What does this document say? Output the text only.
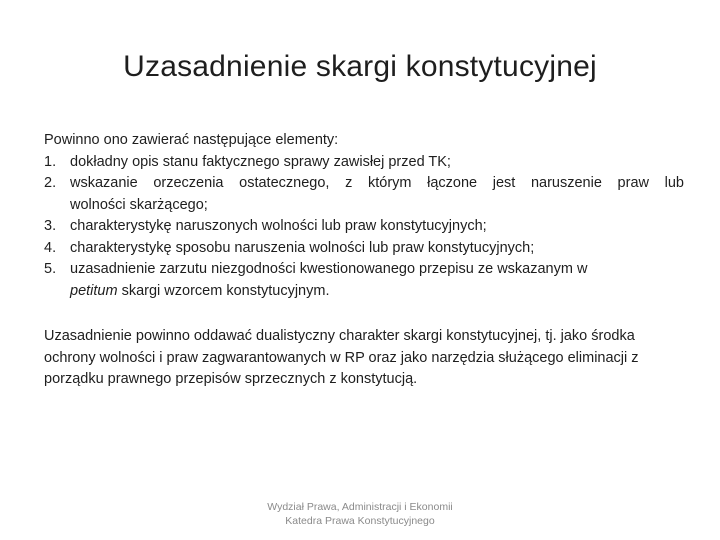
Uzasadnienie skargi konstytucyjnej

Powinno ono zawierać następujące elementy:

1. dokładny opis stanu faktycznego sprawy zawisłej przed TK;
2. wskazanie orzeczenia ostatecznego, z którym łączone jest naruszenie praw lub
wolności skarżącego;
3. charakterystykę naruszonych wolności lub praw konstytucyjnych;
4. charakterystykę sposobu naruszenia wolności lub praw konstytucyjnych;
5. uzasadnienie zarzutu niezgodności kwestionowanego przepisu ze wskazanym w
petitum skargi wzorcem konstytucyjnym.

Uzasadnienie powinno oddawać dualistyczny charakter skargi konstytucyjnej, tj. jako środka ochrony wolności i praw zagwarantowanych w RP oraz jako narzędzia służącego eliminacji z porządku prawnego przepisów sprzecznych z konstytucją.

Wydział Prawa, Administracji i Ekonomii
Katedra Prawa Konstytucyjnego
